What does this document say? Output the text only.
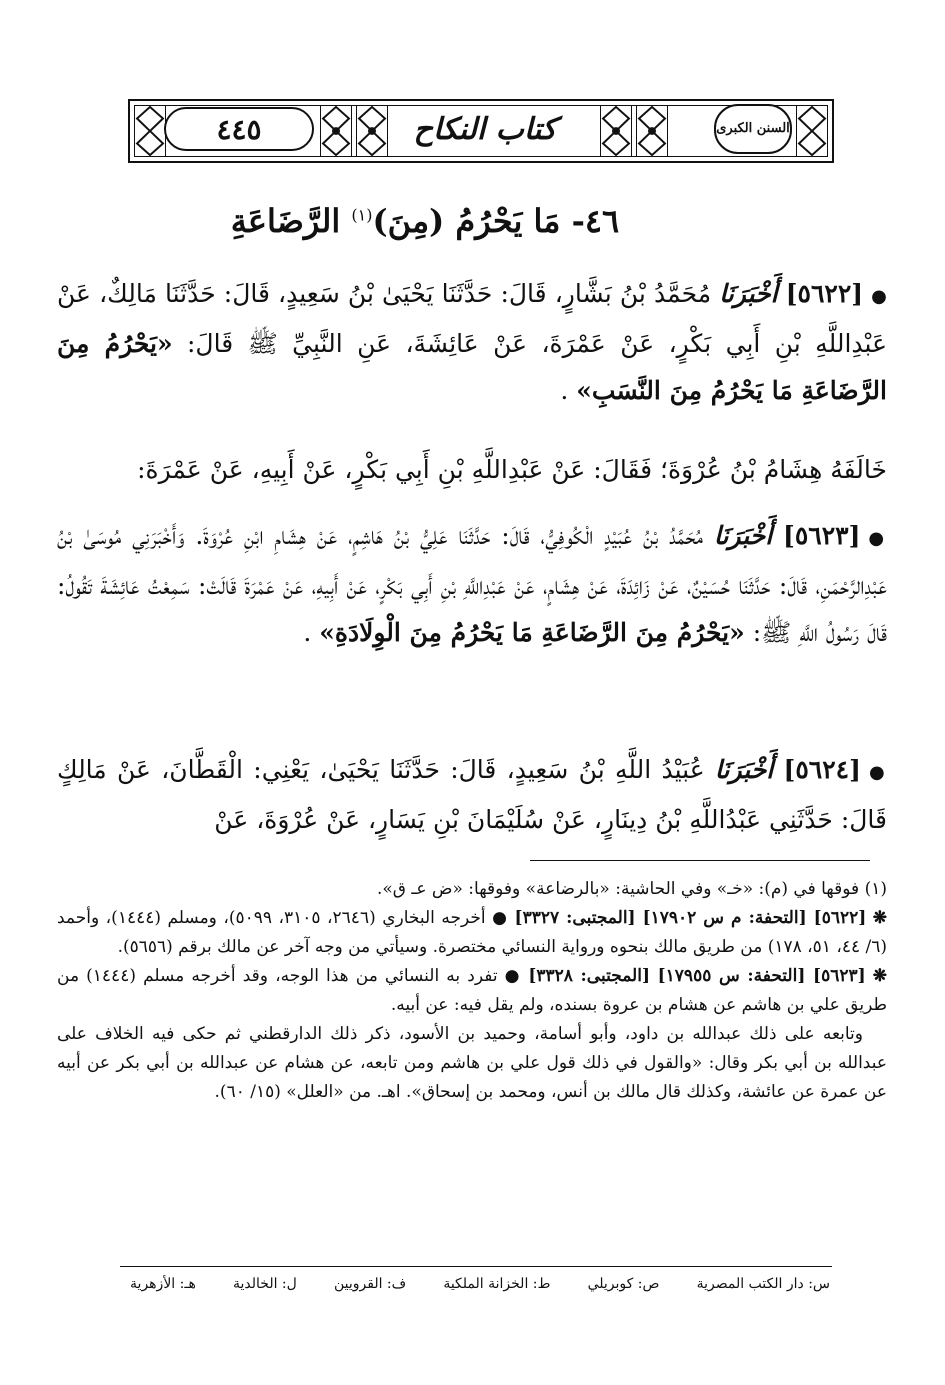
٤٤٥	كتاب النكاح	السنن الكبرى
٤٦- مَا يَحْرُمُ (مِنَ)$^{(١)}$ الرَّضَاعَةِ
●[٥٦٢٢] أَخْبَرَنَا مُحَمَّدُ بْنُ بَشَّارٍ، قَالَ: حَدَّثَنَا يَحْيَىٰ بْنُ سَعِيدٍ، قَالَ: حَدَّثَنَا مَالِكٌ، عَنْ عَبْدِاللَّهِ بْنِ أَبِي بَكْرٍ، عَنْ عَمْرَةَ، عَنْ عَائِشَةَ، عَنِ النَّبِيِّ ﷺ قَالَ: «يَحْرُمُ مِنَ الرَّضَاعَةِ مَا يَحْرُمُ مِنَ النَّسَبِ» .
خَالَفَهُ هِشَامُ بْنُ عُرْوَةَ؛ فَقَالَ: عَنْ عَبْدِاللَّهِ بْنِ أَبِي بَكْرٍ، عَنْ أَبِيهِ، عَنْ عَمْرَةَ:
●[٥٦٢٣] أَخْبَرَنَا مُحَمَّدُ بْنُ عُبَيْدٍ الْكُوفِيُّ، قَالَ: حَدَّثَنَا عَلِيُّ بْنُ هَاشِمٍ، عَنْ هِشَامِ ابْنِ عُرْوَةَ. وَأَخْبَرَنِي مُوسَىٰ بْنُ عَبْدِالرَّحْمَنِ، قَالَ: حَدَّثَنَا حُسَيْنٌ، عَنْ زَائِدَةَ، عَنْ هِشَامٍ، عَنْ عَبْدِاللَّهِ بْنِ أَبِي بَكْرٍ، عَنْ أَبِيهِ، عَنْ عَمْرَةَ قَالَتْ: سَمِعْتُ عَائِشَةَ تَقُولُ: قَالَ رَسُولُ اللَّهِ ﷺ: «يَحْرُمُ مِنَ الرَّضَاعَةِ مَا يَحْرُمُ مِنَ الْوِلَادَةِ» .
●[٥٦٢٤] أَخْبَرَنَا عُبَيْدُ اللَّهِ بْنُ سَعِيدٍ، قَالَ: حَدَّثَنَا يَحْيَىٰ، يَعْنِي: الْقَطَّانَ، عَنْ مَالِكٍ قَالَ: حَدَّثَنِي عَبْدُاللَّهِ بْنُ دِينَارٍ، عَنْ سُلَيْمَانَ بْنِ يَسَارٍ، عَنْ عُرْوَةَ، عَنْ
(١) فوقها في (م): «خـ» وفي الحاشية: «بالرضاعة» وفوقها: «ض عـ ق».
❋ [٥٦٢٢] [التحفة: م س ١٧٩٠٢] [المجتبى: ٣٣٢٧] ● أخرجه البخاري (٢٦٤٦، ٣١٠٥، ٥٠٩٩)، ومسلم (١٤٤٤)، وأحمد (٦/ ٤٤، ٥١، ١٧٨) من طريق مالك بنحوه ورواية النسائي مختصرة. وسيأتي من وجه آخر عن مالك برقم (٥٦٥٦).
❋ [٥٦٢٣] [التحفة: س ١٧٩٥٥] [المجتبى: ٣٣٢٨] ● تفرد به النسائي من هذا الوجه، وقد أخرجه مسلم (١٤٤٤) من طريق علي بن هاشم عن هشام بن عروة بسنده، ولم يقل فيه: عن أبيه.
وتابعه على ذلك عبدالله بن داود، وأبو أسامة، وحميد بن الأسود، ذكر ذلك الدارقطني ثم حكى فيه الخلاف على عبدالله بن أبي بكر وقال: «والقول في ذلك قول علي بن هاشم ومن تابعه، عن هشام عن عبدالله بن أبي بكر عن أبيه عن عمرة عن عائشة، وكذلك قال مالك بن أنس، ومحمد بن إسحاق». اهـ. من «العلل» (١٥/ ٦٠).
س: دار الكتب المصرية
ص: كوبريلي
ط: الخزانة الملكية
ف: القرويين
ل: الخالدية
هـ: الأزهرية
